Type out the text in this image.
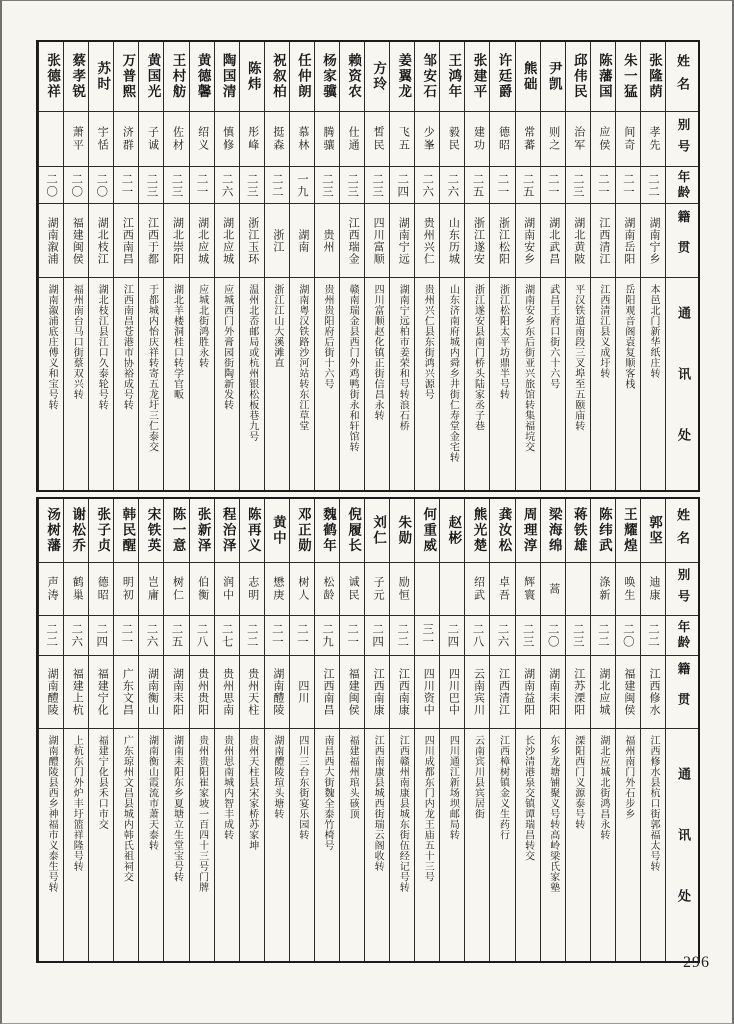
姓名
别号
年龄
籍贯
通讯处
张隆荫
孝先
二二
湖南宁乡
本邑北门新华纸庄转
朱一猛
间奇
二一
湖南岳阳
岳阳观音阁袁复顺客栈
陈藩国
应侯
二一
江西清江
江西清江县义成圩转
邱伟民
治军
二三
湖北黄陂
平汉铁道南段三叉埠至五颐庙转
尹凯
则之
二一
湖北武昌
武昌王府口街六十六号
熊础
常蕃
二五
湖南安乡
湖南安乡东后街亚兴旅馆转集福垸交
许廷爵
德昭
二一
浙江松阳
浙江松阳太平坊鼎半号转
张建平
建功
二五
浙江遂安
浙江遂安县南门桥头陆家丞子巷
王鸿年
毅民
二六
山东历城
山东济南府城内舜乡井街仁寿堂金宅转
邹安石
少峯
二六
贵州兴仁
贵州兴仁县东街鸿兴源号
姜翼龙
飞五
二四
湖南宁远
湖南宁远柏市姜荣和号转浪石桥
方玲
皙民
二三
四川富顺
四川富顺赵化镇正街信昌永转
赖资农
仕通
二三
江西瑞金
赣南瑞金县西门外鸡鸭街永和轩馆转
杨家骥
腾骧
二三
贵州
贵州贵阳府后街十六号
任仲朗
慕林
一九
湖南
湖南粤汉铁路沙河站转东江草堂
祝叙柏
挺森
二二
浙江
浙江江山大溪滩直
陈炜
彤峰
二三
浙江玉环
温州北岙邮局或杭州银松板巷九号
陶国清
慎修
二六
湖北应城
应城西门外膏园街陶新发转
黄德馨
绍义
二一
湖北应城
应城北街鸿胜永转
王村舫
佐材
二三
湖北崇阳
湖北羊楼洞桂口转学官畈
黄国光
子诚
二三
江西于都
于都城内怡庆祥转寄五龙圩三仁泰交
万普熙
济群
二一
江西南昌
江西南昌苍港市协裕成号转
苏时
宇恬
二〇
湖北枝江
湖北枝江县江口久泰轮号转
蔡孝锐
萧平
二〇
福建闽侯
福州南台马口街蔡双兴转
张德祥
二〇
湖南溆浦
湖南溆浦底庄傅义和宝号转
姓名
别号
年龄
籍贯
通讯处
郭坚
迪康
二二
江西修水
江西修水县杭口街郭福太号转
王耀煌
唤生
二〇
福建闽侯
福州南门外石步乡
陈纬武
涤新
二二
湖北应城
湖北应城北街鸿昌永转
蒋铁雄
二三
江苏溧阳
溧阳西门义源泰号转
梁海绵
蒿
二〇
湖南耒阳
东乡龙塘铺聚义号转高岭梁氏家塾
周理淳
辉寰
二三
湖南益阳
长沙清港泉交镇谭瑞昌转交
龚汝松
卓吾
二六
江西清江
江西樟树镇金义生药行
熊光楚
绍武
二八
云南宾川
云南宾川县宾居街
赵彬
二四
四川巴中
四川通江新场坝邮局转
何重威
三一
四川资中
四川成都东门内龙王庙五十三号
朱勋
励恒
二二
江西南康
江西赣州南康县城东街伍经记号转
刘仁
子元
二四
江西南康
江西南康县城西街瑞云阁收转
倪履长
诚民
二一
福建闽侯
福建福州琯头硋顶
魏鹤年
松龄
二九
江西南昌
南昌西大街魏全泰竹椅号
邓正勋
树人
二一
四川
四川三台东街宴乐园转
黄中
懋庚
二一
湖南醴陵
湖南醴陵瑄头塘转
陈再义
志明
二二
贵州天柱
贵州天柱县宋家桥苏家坤
程治泽
润中
二七
贵州思南
贵州思南城内智丰成转
张新泽
伯衡
二八
贵州贵阳
贵州贵阳崔家坡一百四十三号门牌
陈一意
树仁
二五
湖南耒阳
湖南耒阳东乡夏塘立生堂宝号转
宋铁英
岂庸
二六
湖南衡山
湖南衡山霞流市萧天泰转
韩民醒
明初
二一
广东文昌
广东琼州文昌县城内韩氏祖祠交
张子贞
德昭
二四
福建宁化
福建宁化县禾口市交
谢松乔
鹤巢
二六
福建上杭
上杭东门外炉丰圩篮祥隆号转
汤树藩
声涛
二二
湖南醴陵
湖南醴陵县西乡神福市义泰生号转
296
